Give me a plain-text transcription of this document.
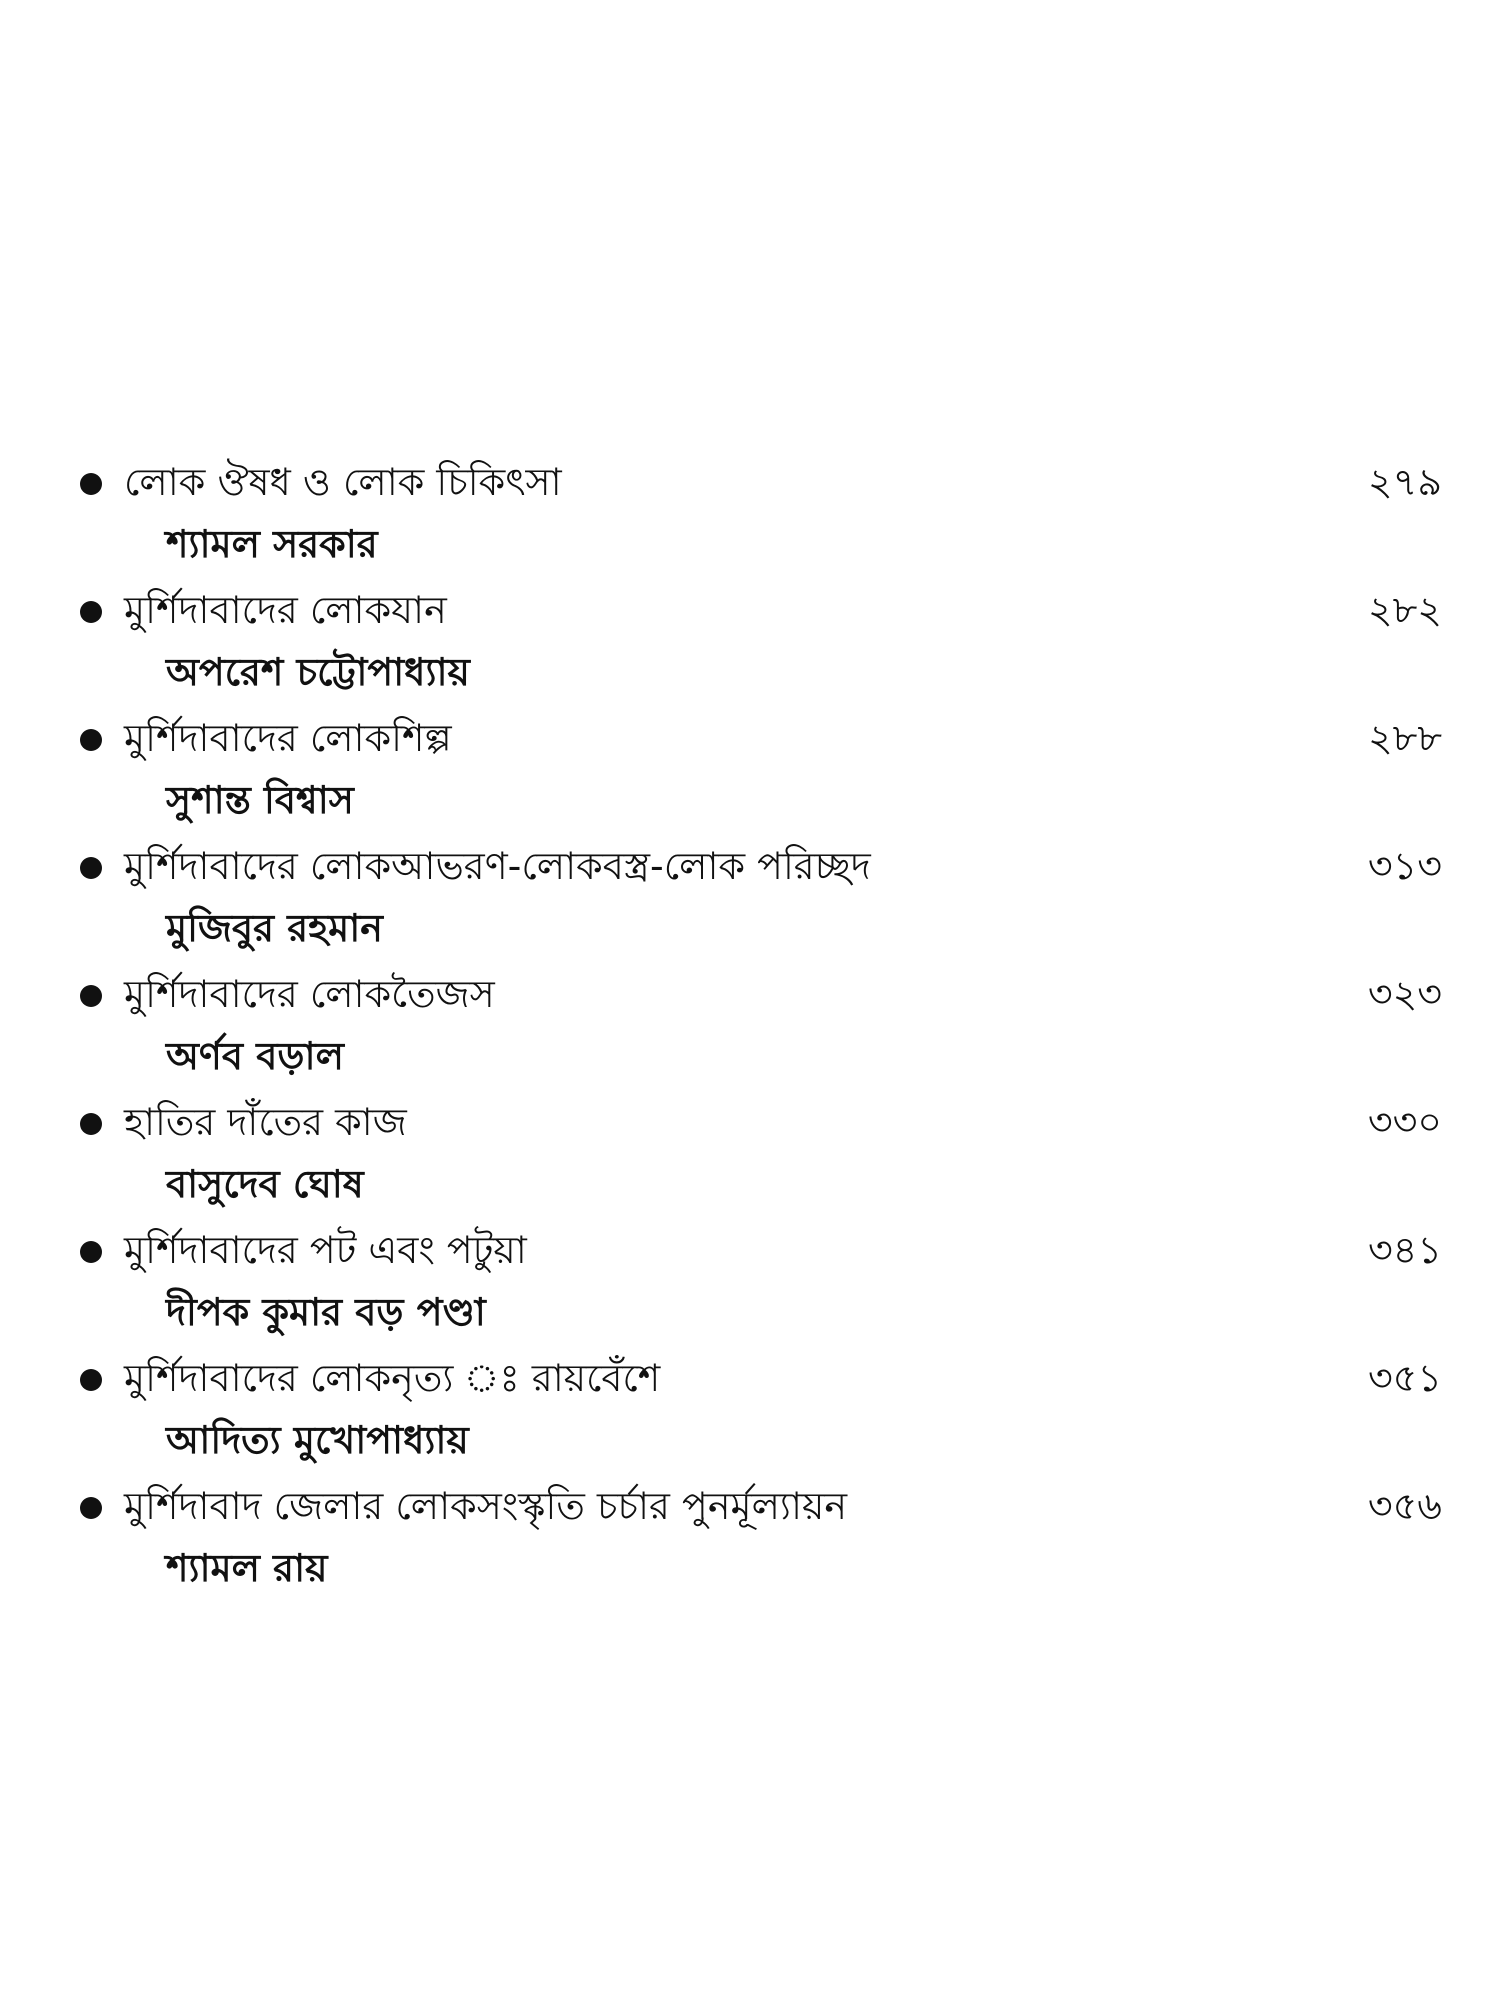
লোক ঔষধ ও লোক চিকিৎসা	২৭৯
শ্যামল সরকার
মুর্শিদাবাদের লোকযান	২৮২
অপরেশ চট্টোপাধ্যায়
মুর্শিদাবাদের লোকশিল্প	২৮৮
সুশান্ত বিশ্বাস
মুর্শিদাবাদের লোকআভরণ-লোকবস্ত্র-লোক পরিচ্ছদ	৩১৩
মুজিবুর রহমান
মুর্শিদাবাদের লোকতৈজস	৩২৩
অর্ণব বড়াল
হাতির দাঁতের কাজ	৩৩০
বাসুদেব ঘোষ
মুর্শিদাবাদের পট এবং পটুয়া	৩৪১
দীপক কুমার বড় পণ্ডা
মুর্শিদাবাদের লোকনৃত্য ঃ রায়বেঁশে	৩৫১
আদিত্য মুখোপাধ্যায়
মুর্শিদাবাদ জেলার লোকসংস্কৃতি চর্চার পুনর্মূল্যায়ন	৩৫৬
শ্যামল রায়
